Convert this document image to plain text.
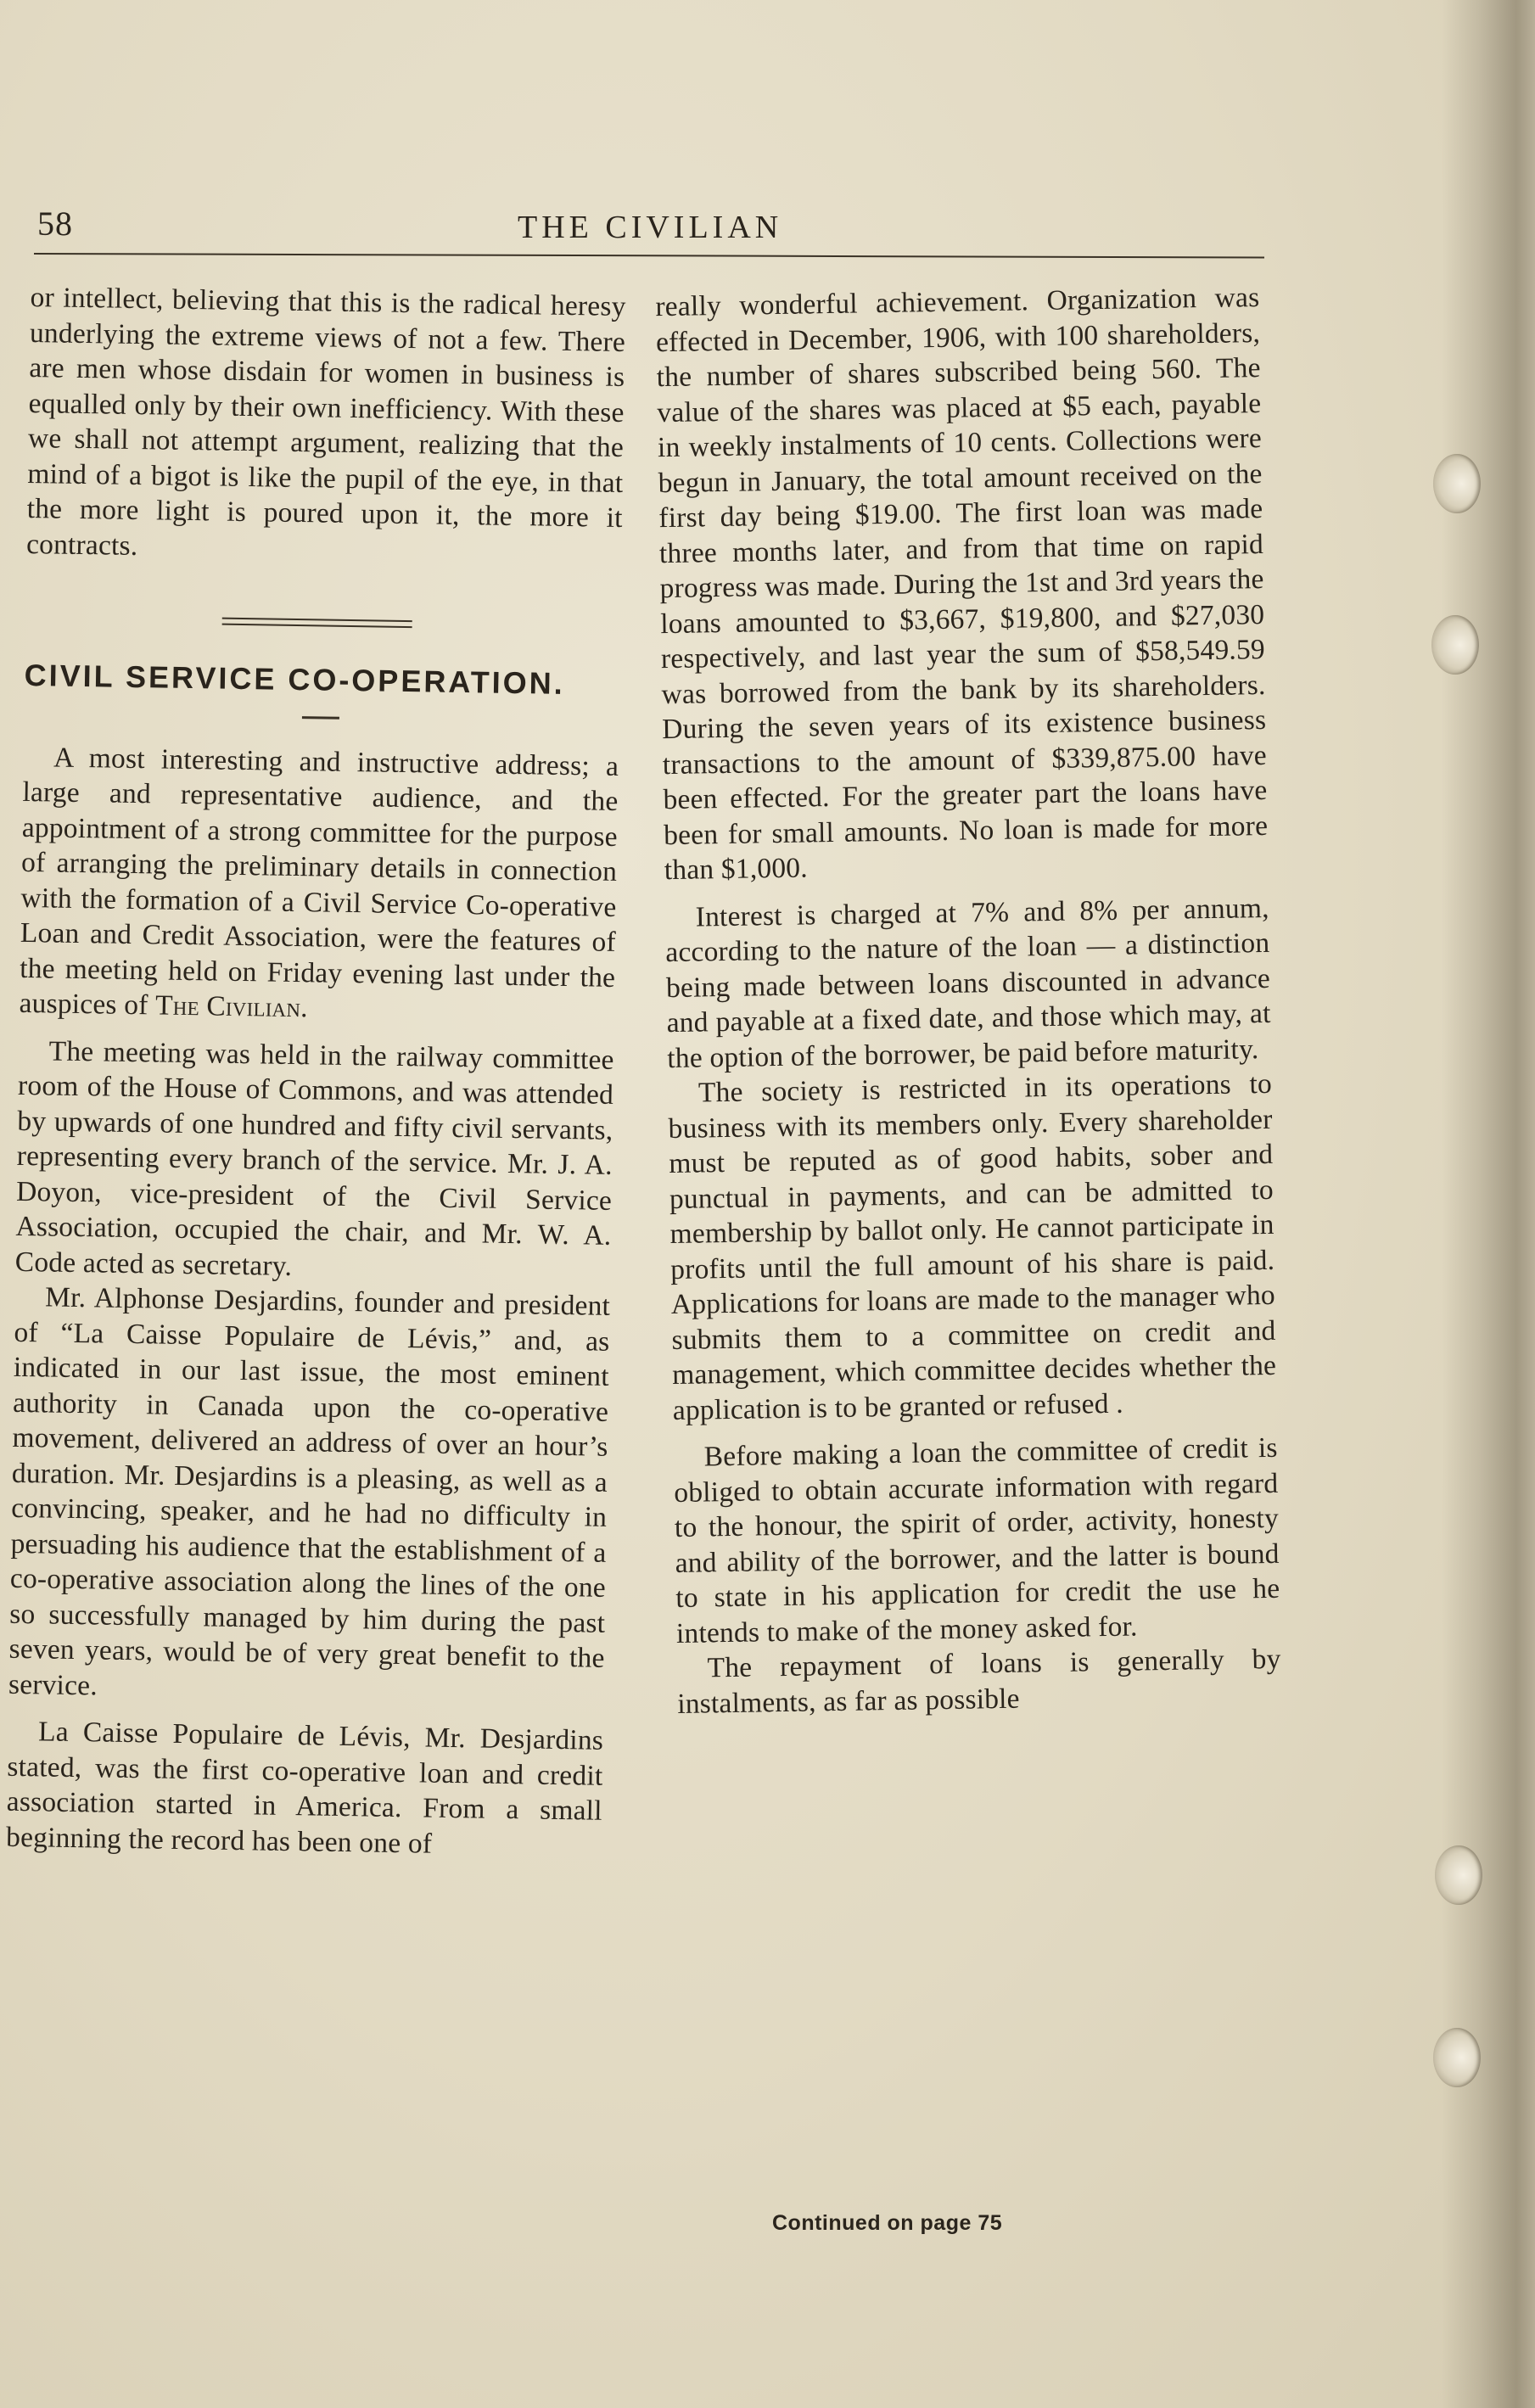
58	THE CIVILIAN

or intellect, believing that this is the radical heresy underlying the extreme views of not a few. There are men whose disdain for women in business is equalled only by their own inefficiency. With these we shall not attempt argument, realizing that the mind of a bigot is like the pupil of the eye, in that the more light is poured upon it, the more it contracts.

CIVIL SERVICE CO-OPERATION.

A most interesting and instructive address; a large and representative audience, and the appointment of a strong committee for the purpose of arranging the preliminary details in connection with the formation of a Civil Service Co-operative Loan and Credit Association, were the features of the meeting held on Friday evening last under the auspices of The Civilian.

The meeting was held in the railway committee room of the House of Commons, and was attended by upwards of one hundred and fifty civil servants, representing every branch of the service. Mr. J. A. Doyon, vice-president of the Civil Service Association, occupied the chair, and Mr. W. A. Code acted as secretary.

Mr. Alphonse Desjardins, founder and president of “La Caisse Populaire de Lévis,” and, as indicated in our last issue, the most eminent authority in Canada upon the co-operative movement, delivered an address of over an hour’s duration. Mr. Desjardins is a pleasing, as well as a convincing, speaker, and he had no difficulty in persuading his audience that the establishment of a co-operative association along the lines of the one so successfully managed by him during the past seven years, would be of very great benefit to the service.

La Caisse Populaire de Lévis, Mr. Desjardins stated, was the first co-operative loan and credit association started in America. From a small beginning the record has been one of

really wonderful achievement. Organization was effected in December, 1906, with 100 shareholders, the number of shares subscribed being 560. The value of the shares was placed at $5 each, payable in weekly instalments of 10 cents. Collections were begun in January, the total amount received on the first day being $19.00. The first loan was made three months later, and from that time on rapid progress was made. During the 1st and 3rd years the loans amounted to $3,667, $19,800, and $27,030 respectively, and last year the sum of $58,549.59 was borrowed from the bank by its shareholders. During the seven years of its existence business transactions to the amount of $339,875.00 have been effected. For the greater part the loans have been for small amounts. No loan is made for more than $1,000.

Interest is charged at 7% and 8% per annum, according to the nature of the loan — a distinction being made between loans discounted in advance and payable at a fixed date, and those which may, at the option of the borrower, be paid before maturity.

The society is restricted in its operations to business with its members only. Every shareholder must be reputed as of good habits, sober and punctual in payments, and can be admitted to membership by ballot only. He cannot participate in profits until the full amount of his share is paid. Applications for loans are made to the manager who submits them to a committee on credit and management, which committee decides whether the application is to be granted or refused .

Before making a loan the committee of credit is obliged to obtain accurate information with regard to the honour, the spirit of order, activity, honesty and ability of the borrower, and the latter is bound to state in his application for credit the use he intends to make of the money asked for.

The repayment of loans is generally by instalments, as far as possible

Continued on page 75
